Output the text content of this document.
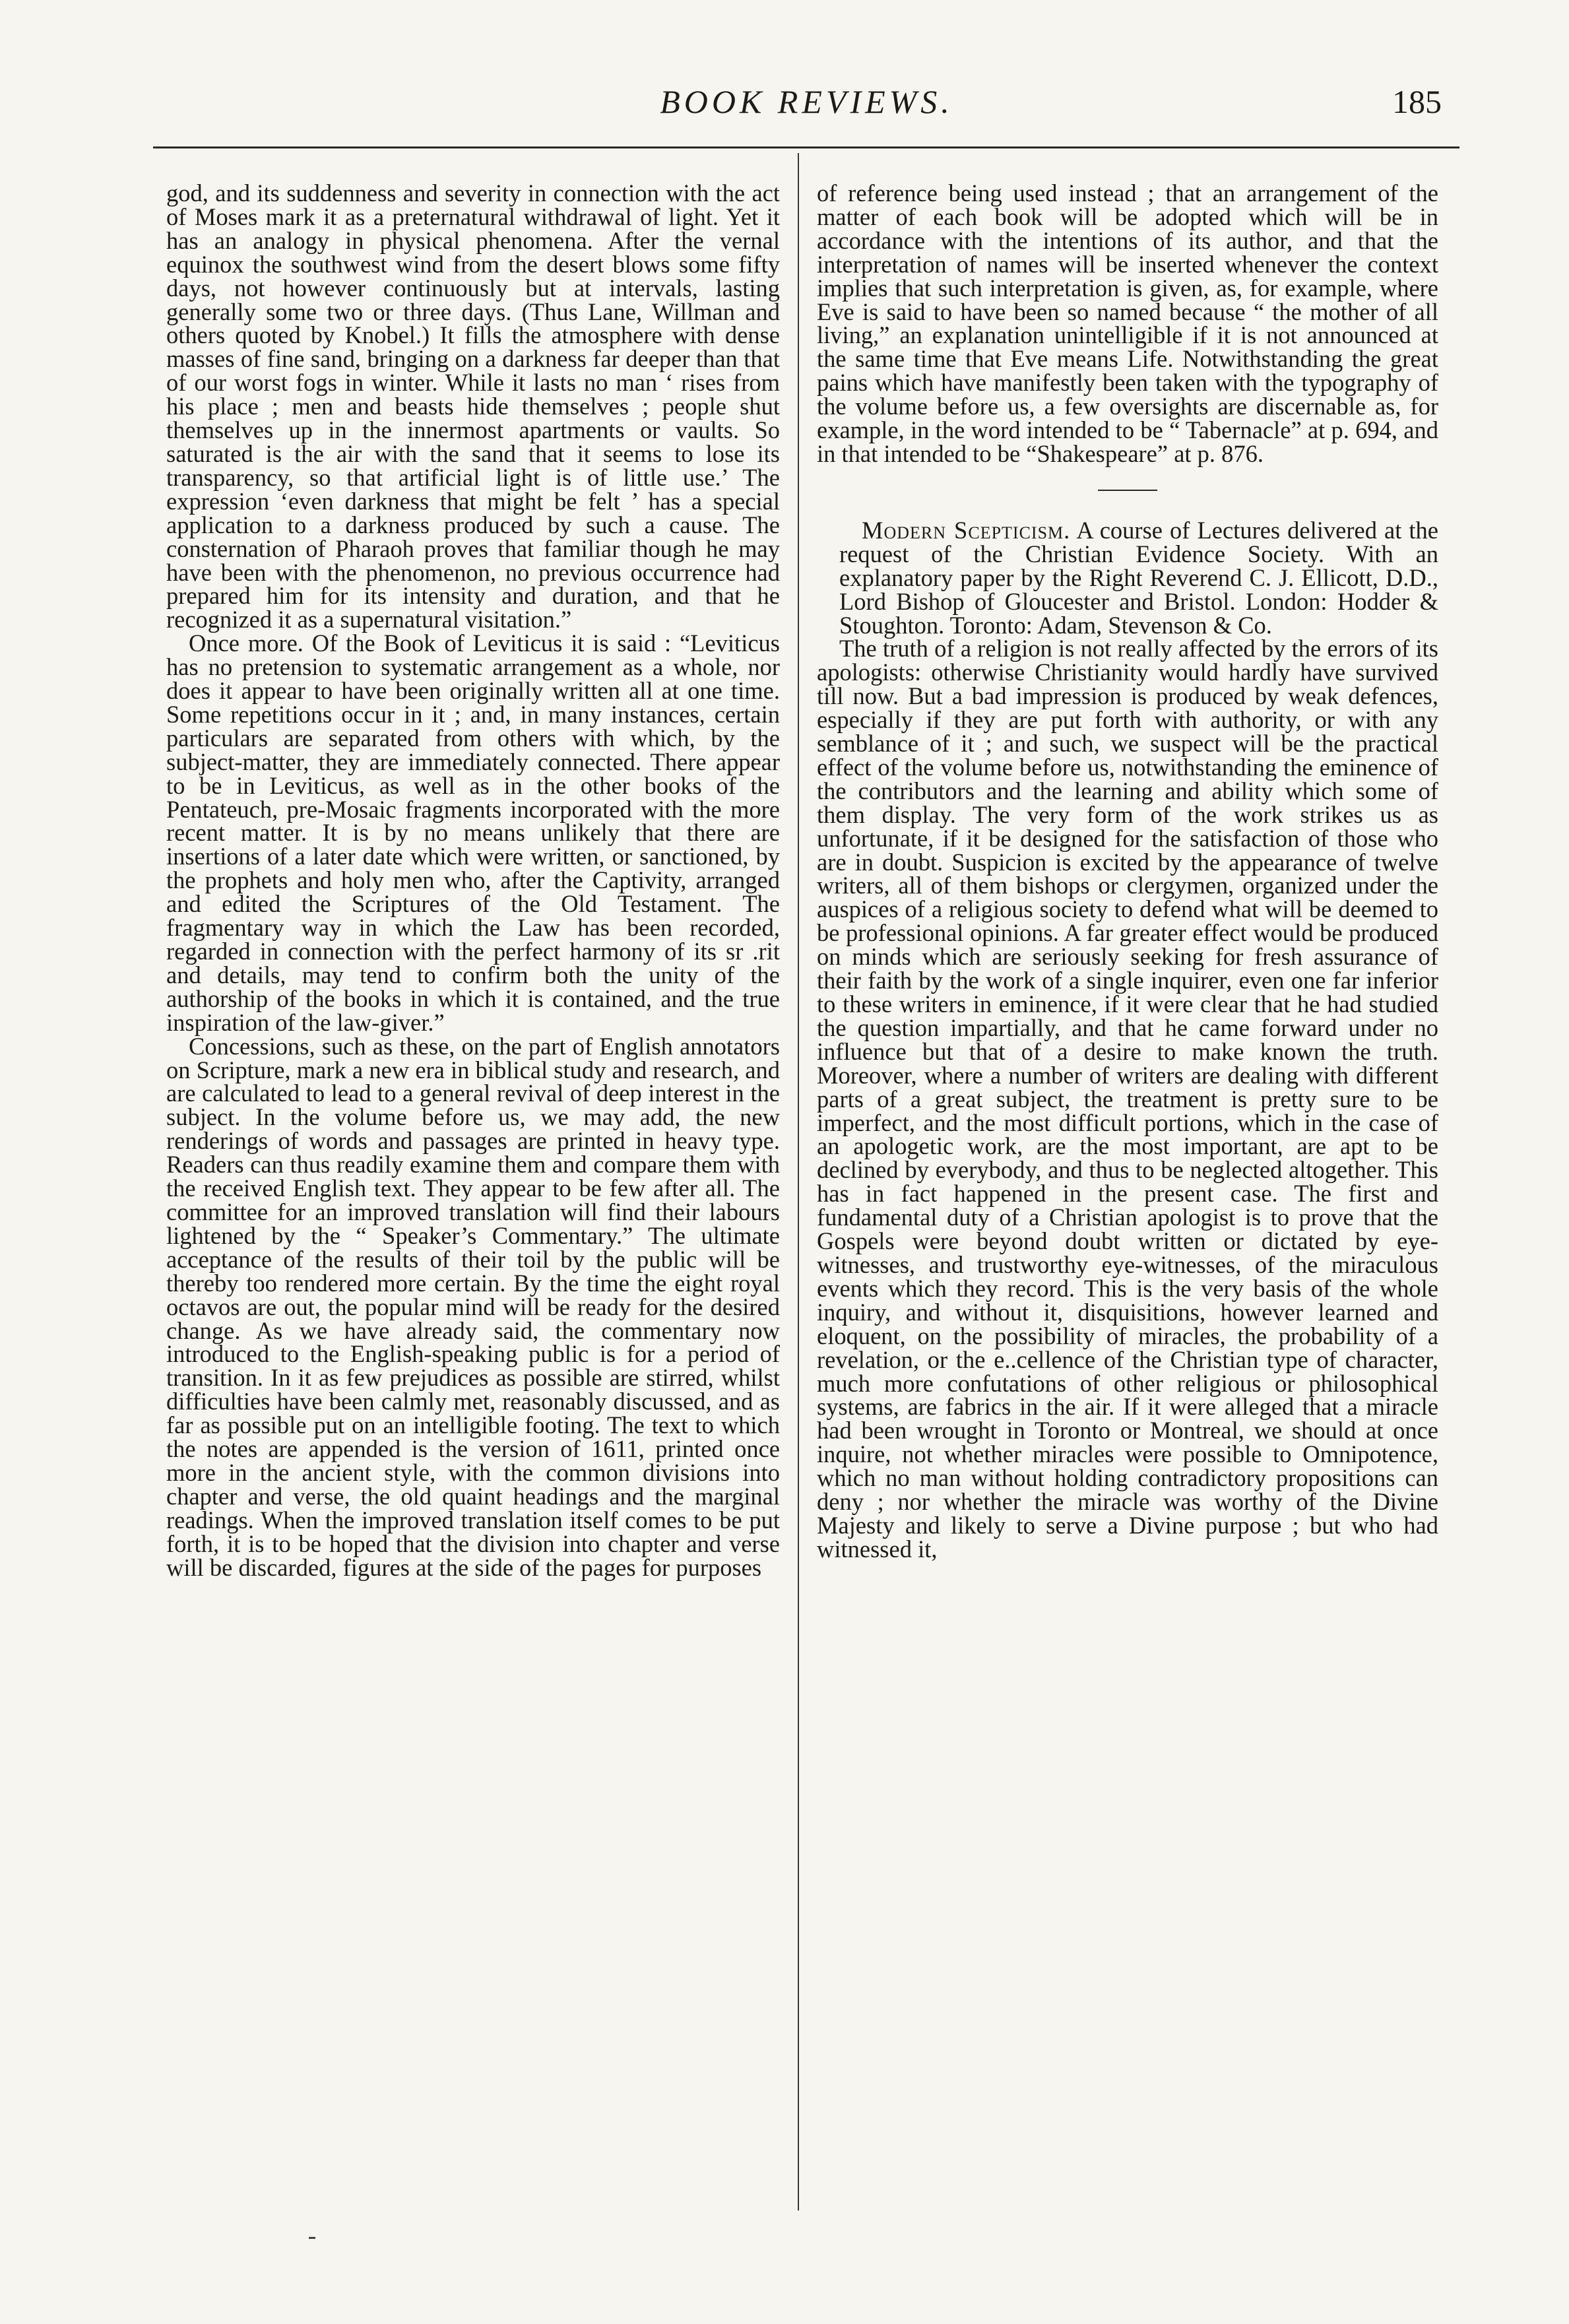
BOOK REVIEWS.	185

god, and its suddenness and severity in connection with the act of Moses mark it as a preternatural withdrawal of light. Yet it has an analogy in physical phenomena. After the vernal equinox the southwest wind from the desert blows some fifty days, not however continuously but at intervals, lasting generally some two or three days. (Thus Lane, Willman and others quoted by Knobel.) It fills the atmosphere with dense masses of fine sand, bringing on a darkness far deeper than that of our worst fogs in winter. While it lasts no man ‘ rises from his place ; men and beasts hide themselves ; people shut themselves up in the innermost apartments or vaults. So saturated is the air with the sand that it seems to lose its transparency, so that artificial light is of little use.’ The expression ‘even darkness that might be felt ’ has a special application to a darkness produced by such a cause. The consternation of Pharaoh proves that familiar though he may have been with the phenomenon, no previous occurrence had prepared him for its intensity and duration, and that he recognized it as a supernatural visitation.”

Once more. Of the Book of Leviticus it is said : “Leviticus has no pretension to systematic arrangement as a whole, nor does it appear to have been originally written all at one time. Some repetitions occur in it ; and, in many instances, certain particulars are separated from others with which, by the subject-matter, they are immediately connected. There appear to be in Leviticus, as well as in the other books of the Pentateuch, pre-Mosaic fragments incorporated with the more recent matter. It is by no means unlikely that there are insertions of a later date which were written, or sanctioned, by the prophets and holy men who, after the Captivity, arranged and edited the Scriptures of the Old Testament. The fragmentary way in which the Law has been recorded, regarded in connection with the perfect harmony of its sr .rit and details, may tend to confirm both the unity of the authorship of the books in which it is contained, and the true inspiration of the law-giver.”

Concessions, such as these, on the part of English annotators on Scripture, mark a new era in biblical study and research, and are calculated to lead to a general revival of deep interest in the subject. In the volume before us, we may add, the new renderings of words and passages are printed in heavy type. Readers can thus readily examine them and compare them with the received English text. They appear to be few after all. The committee for an improved translation will find their labours lightened by the “ Speaker’s Commentary.” The ultimate acceptance of the results of their toil by the public will be thereby too rendered more certain. By the time the eight royal octavos are out, the popular mind will be ready for the desired change. As we have already said, the commentary now introduced to the English-speaking public is for a period of transition. In it as few prejudices as possible are stirred, whilst difficulties have been calmly met, reasonably discussed, and as far as possible put on an intelligible footing. The text to which the notes are appended is the version of 1611, printed once more in the ancient style, with the common divisions into chapter and verse, the old quaint headings and the marginal readings. When the improved translation itself comes to be put forth, it is to be hoped that the division into chapter and verse will be discarded, figures at the side of the pages for purposes

of reference being used instead ; that an arrangement of the matter of each book will be adopted which will be in accordance with the intentions of its author, and that the interpretation of names will be inserted whenever the context implies that such interpretation is given, as, for example, where Eve is said to have been so named because “ the mother of all living,” an explanation unintelligible if it is not announced at the same time that Eve means Life. Notwithstanding the great pains which have manifestly been taken with the typography of the volume before us, a few oversights are discernable as, for example, in the word intended to be “ Tabernacle” at p. 694, and in that intended to be “Shakespeare” at p. 876.

Modern Scepticism. A course of Lectures delivered at the request of the Christian Evidence Society. With an explanatory paper by the Right Reverend C. J. Ellicott, D.D., Lord Bishop of Gloucester and Bristol. London: Hodder & Stoughton. Toronto: Adam, Stevenson & Co.

The truth of a religion is not really affected by the errors of its apologists: otherwise Christianity would hardly have survived till now. But a bad impression is produced by weak defences, especially if they are put forth with authority, or with any semblance of it ; and such, we suspect will be the practical effect of the volume before us, notwithstanding the eminence of the contributors and the learning and ability which some of them display. The very form of the work strikes us as unfortunate, if it be designed for the satisfaction of those who are in doubt. Suspicion is excited by the appearance of twelve writers, all of them bishops or clergymen, organized under the auspices of a religious society to defend what will be deemed to be professional opinions. A far greater effect would be produced on minds which are seriously seeking for fresh assurance of their faith by the work of a single inquirer, even one far inferior to these writers in eminence, if it were clear that he had studied the question impartially, and that he came forward under no influence but that of a desire to make known the truth. Moreover, where a number of writers are dealing with different parts of a great subject, the treatment is pretty sure to be imperfect, and the most difficult portions, which in the case of an apologetic work, are the most important, are apt to be declined by everybody, and thus to be neglected altogether. This has in fact happened in the present case. The first and fundamental duty of a Christian apologist is to prove that the Gospels were beyond doubt written or dictated by eye-witnesses, and trustworthy eye-witnesses, of the miraculous events which they record. This is the very basis of the whole inquiry, and without it, disquisitions, however learned and eloquent, on the possibility of miracles, the probability of a revelation, or the e..cellence of the Christian type of character, much more confutations of other religious or philosophical systems, are fabrics in the air. If it were alleged that a miracle had been wrought in Toronto or Montreal, we should at once inquire, not whether miracles were possible to Omnipotence, which no man without holding contradictory propositions can deny ; nor whether the miracle was worthy of the Divine Majesty and likely to serve a Divine purpose ; but who had witnessed it,
